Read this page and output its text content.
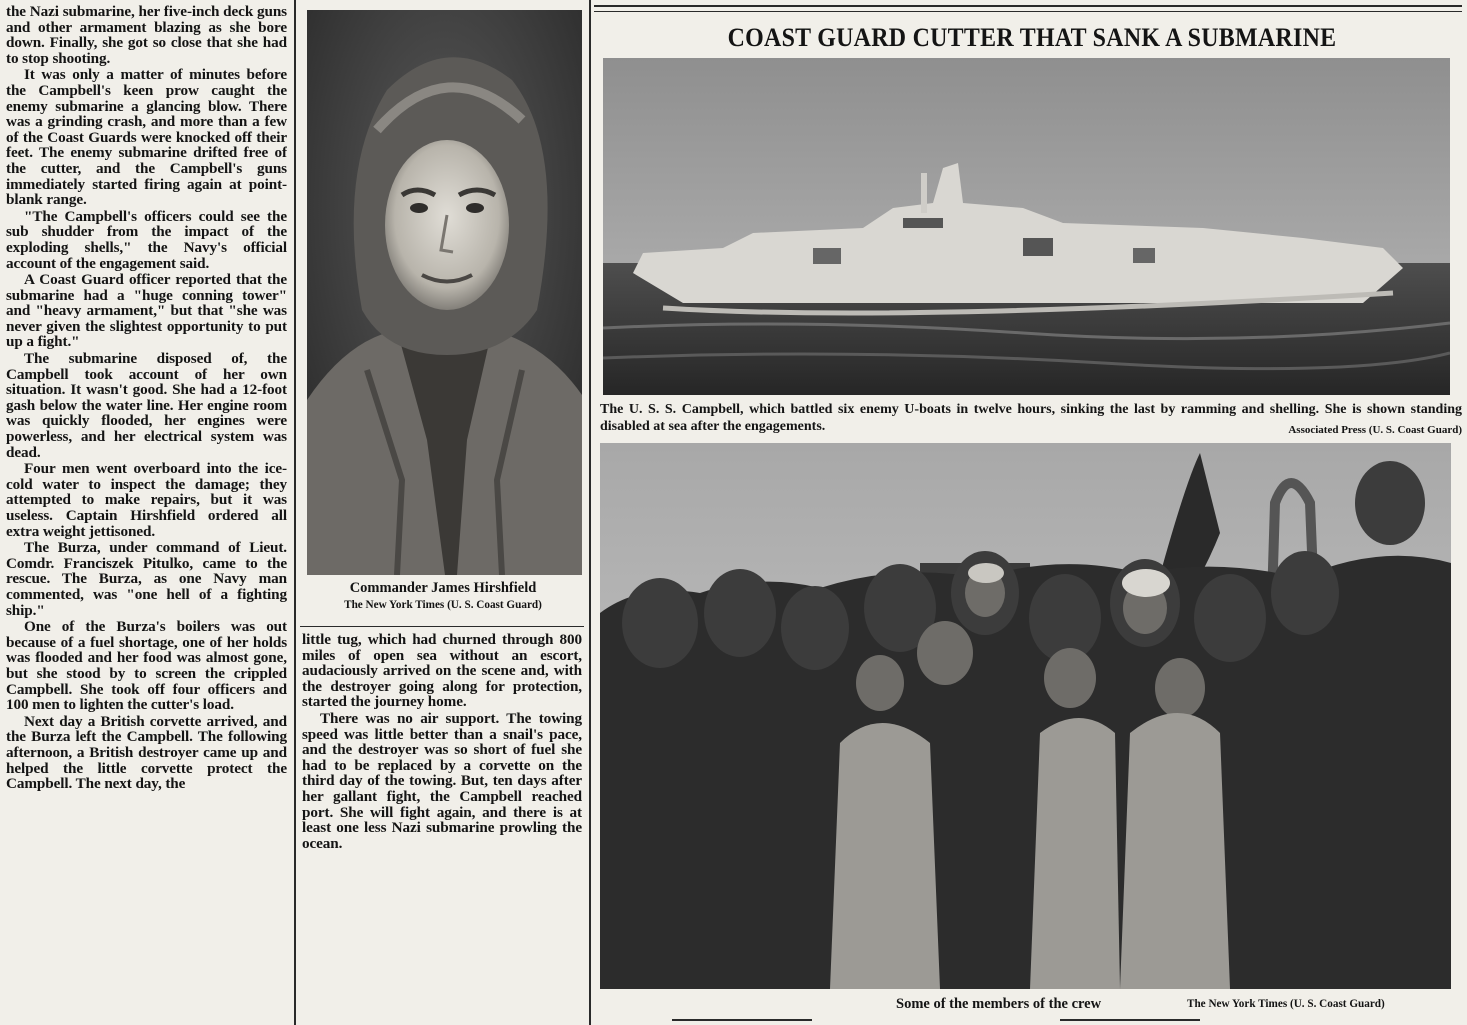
the Nazi submarine, her five-inch deck guns and other armament blazing as she bore down. Finally, she got so close that she had to stop shooting.

It was only a matter of minutes before the Campbell's keen prow caught the enemy submarine a glancing blow. There was a grinding crash, and more than a few of the Coast Guards were knocked off their feet. The enemy submarine drifted free of the cutter, and the Campbell's guns immediately started firing again at point-blank range.

"The Campbell's officers could see the sub shudder from the impact of the exploding shells," the Navy's official account of the engagement said.

A Coast Guard officer reported that the submarine had a "huge conning tower" and "heavy armament," but that "she was never given the slightest opportunity to put up a fight."

The submarine disposed of, the Campbell took account of her own situation. It wasn't good. She had a 12-foot gash below the water line. Her engine room was quickly flooded, her engines were powerless, and her electrical system was dead.

Four men went overboard into the ice-cold water to inspect the damage; they attempted to make repairs, but it was useless. Captain Hirshfield ordered all extra weight jettisoned.

The Burza, under command of Lieut. Comdr. Franciszek Pitulko, came to the rescue. The Burza, as one Navy man commented, was "one hell of a fighting ship."

One of the Burza's boilers was out because of a fuel shortage, one of her holds was flooded and her food was almost gone, but she stood by to screen the crippled Campbell. She took off four officers and 100 men to lighten the cutter's load.

Next day a British corvette arrived, and the Burza left the Campbell. The following afternoon, a British destroyer came up and helped the little corvette protect the Campbell. The next day, the

Commander James Hirshfield
The New York Times (U. S. Coast Guard)

little tug, which had churned through 800 miles of open sea without an escort, audaciously arrived on the scene and, with the destroyer going along for protection, started the journey home.

There was no air support. The towing speed was little better than a snail's pace, and the destroyer was so short of fuel she had to be replaced by a corvette on the third day of the towing. But, ten days after her gallant fight, the Campbell reached port. She will fight again, and there is at least one less Nazi submarine prowling the ocean.

COAST GUARD CUTTER THAT SANK A SUBMARINE
The U. S. S. Campbell, which battled six enemy U-boats in twelve hours, sinking the last by ramming and shelling. She is shown standing disabled at sea after the engagements.	Associated Press (U. S. Coast Guard)
Some of the members of the crew	The New York Times (U. S. Coast Guard)
